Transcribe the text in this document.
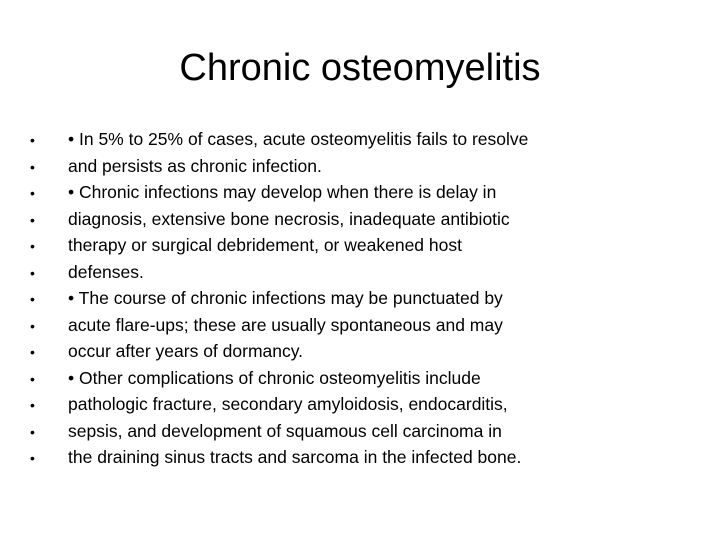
Chronic osteomyelitis
•	• In 5% to 25% of cases, acute osteomyelitis fails to resolve
•	and persists as chronic infection.
•	• Chronic infections may develop when there is delay in
•	diagnosis, extensive bone necrosis, inadequate antibiotic
•	therapy or surgical debridement, or weakened host
•	defenses.
•	• The course of chronic infections may be punctuated by
•	acute flare-ups; these are usually spontaneous and may
•	occur after years of dormancy.
•	• Other complications of chronic osteomyelitis include
•	pathologic fracture, secondary amyloidosis, endocarditis,
•	sepsis, and development of squamous cell carcinoma in
•	the draining sinus tracts and sarcoma in the infected bone.
